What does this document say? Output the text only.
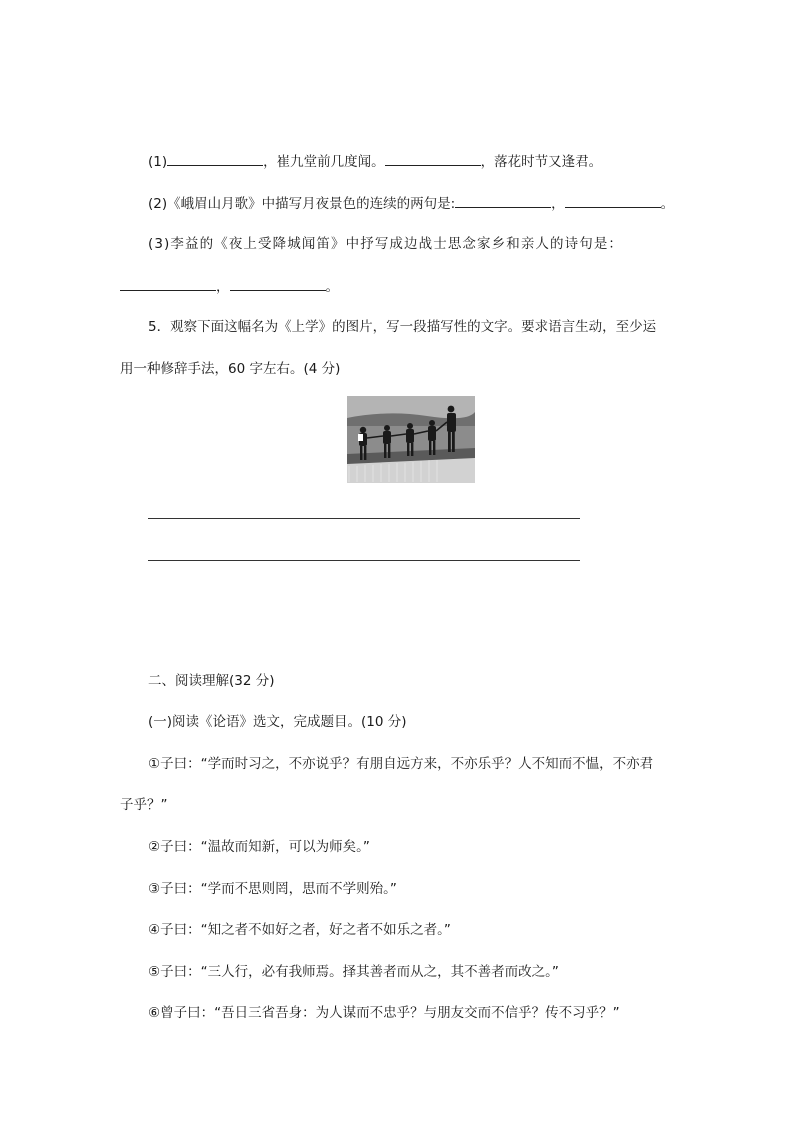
(1)	，崔九堂前几度闻。	，落花时节又逢君。
(2)《峨眉山月歌》中描写月夜景色的连续的两句是:	，	。
(3)李益的《夜上受降城闻笛》中抒写成边战士思念家乡和亲人的诗句是：
，	。
5．观察下面这幅名为《上学》的图片，写一段描写性的文字。要求语言生动，至少运
用一种修辞手法，60 字左右。(4 分)
二、阅读理解(32 分)
(一)阅读《论语》选文，完成题目。(10 分)
①子曰：“学而时习之，不亦说乎？有朋自远方来，不亦乐乎？人不知而不愠，不亦君
子乎？”
②子曰：“温故而知新，可以为师矣。”
③子曰：“学而不思则罔，思而不学则殆。”
④子曰：“知之者不如好之者，好之者不如乐之者。”
⑤子曰：“三人行，必有我师焉。择其善者而从之，其不善者而改之。”
⑥曾子曰：“吾日三省吾身：为人谋而不忠乎？与朋友交而不信乎？传不习乎？”
